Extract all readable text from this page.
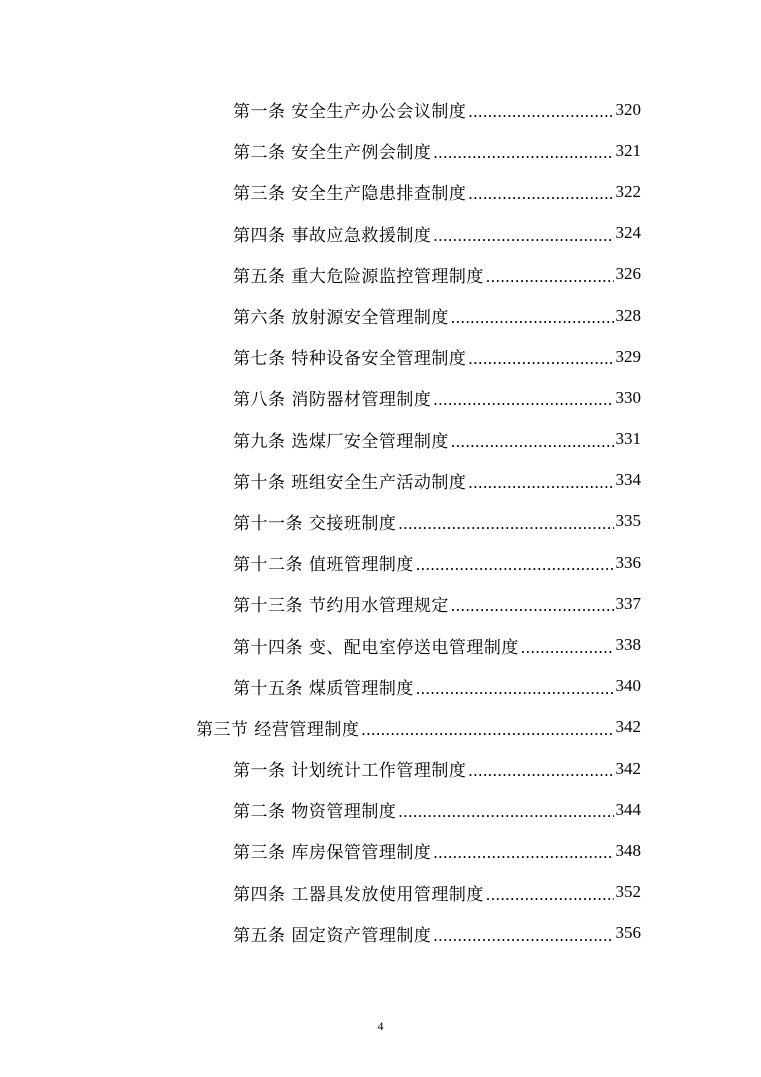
第一条 安全生产办公会议制度 .....	320
第二条 安全生产例会制度 .....	321
第三条 安全生产隐患排查制度 .....	322
第四条 事故应急救援制度 .....	324
第五条 重大危险源监控管理制度 .....	326
第六条 放射源安全管理制度 .....	328
第七条 特种设备安全管理制度 .....	329
第八条 消防器材管理制度 .....	330
第九条 选煤厂安全管理制度 .....	331
第十条 班组安全生产活动制度 .....	334
第十一条 交接班制度 .....	335
第十二条 值班管理制度 .....	336
第十三条 节约用水管理规定 .....	337
第十四条 变、配电室停送电管理制度 .....	338
第十五条 煤质管理制度 .....	340
第三节 经营管理制度 .....	342
第一条 计划统计工作管理制度 .....	342
第二条 物资管理制度 .....	344
第三条 库房保管管理制度 .....	348
第四条 工器具发放使用管理制度 .....	352
第五条 固定资产管理制度 .....	356
4
